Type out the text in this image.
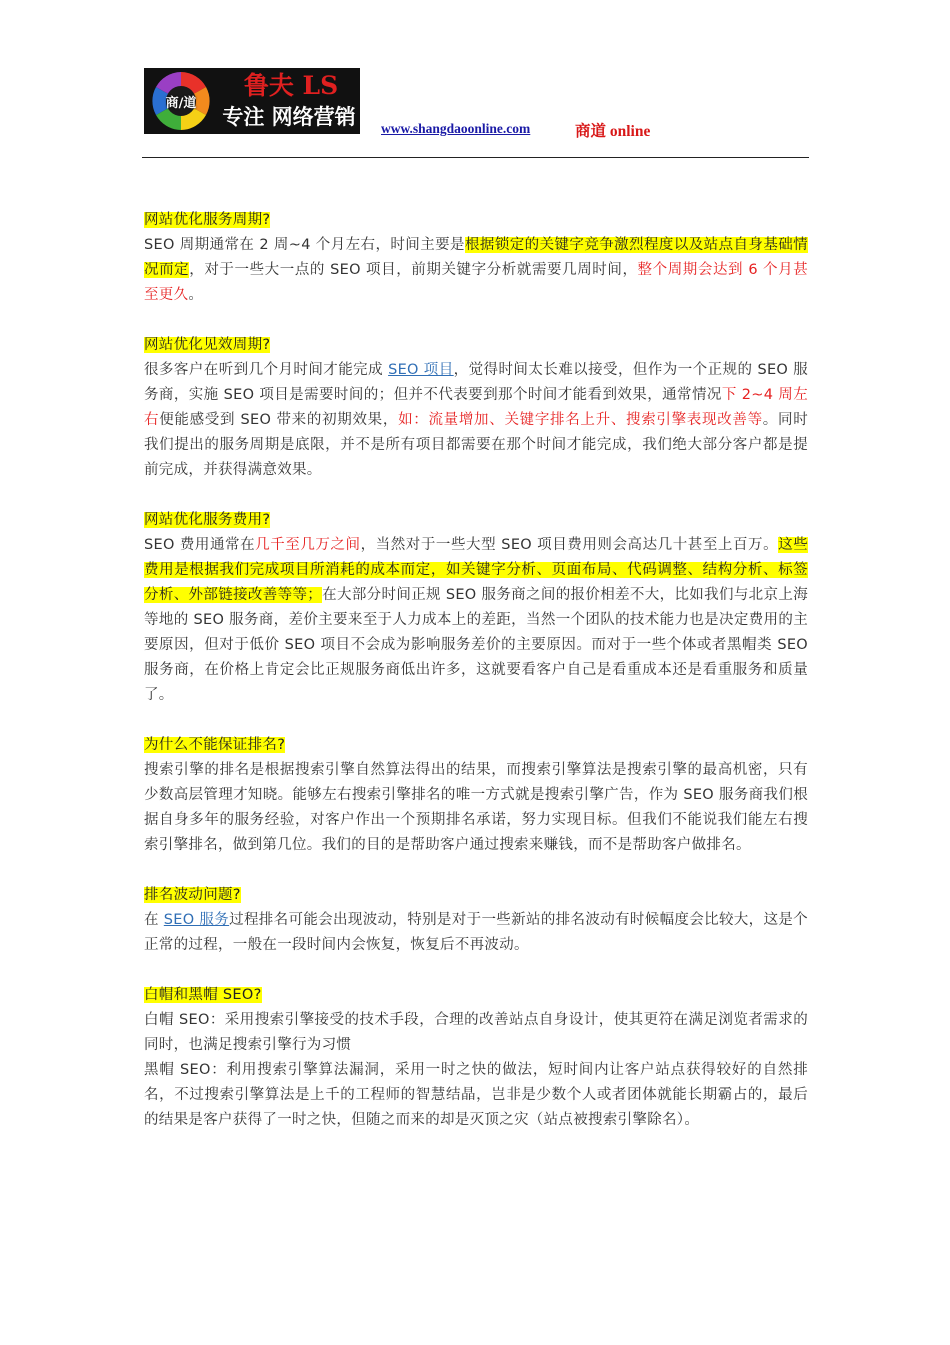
商/道
鲁夫 LS
专注 网络营销 www.shangdaoonline.com	商道 online
网站优化服务周期?

SEO 周期通常在 2 周~4 个月左右，时间主要是根据锁定的关键字竞争激烈程度以及站点自身基础情况而定，对于一些大一点的 SEO 项目，前期关键字分析就需要几周时间，整个周期会达到 6 个月甚至更久。

网站优化见效周期?

很多客户在听到几个月时间才能完成 SEO 项目，觉得时间太长难以接受，但作为一个正规的 SEO 服务商，实施 SEO 项目是需要时间的；但并不代表要到那个时间才能看到效果，通常情况下 2~4 周左右便能感受到 SEO 带来的初期效果，如：流量增加、关键字排名上升、搜索引擎表现改善等。同时 我们提出的服务周期是底限，并不是所有项目都需要在那个时间才能完成，我们绝大部分客户都是提前完成，并获得满意效果。

网站优化服务费用?

SEO 费用通常在几千至几万之间，当然对于一些大型 SEO 项目费用则会高达几十甚至上百万。这些费用是根据我们完成项目所消耗的成本而定，如关键字分析、页面布局、代码调整、结构分析、标签分析、外部链接改善等等；在大部分时间正规 SEO 服务商之间的报价相差不大，比如我们与北京上海等地的 SEO 服务商，差价主要来至于人力成本上的差距，当然一个团队的技术能力也是决定费用的主要原因，但对于低价 SEO 项目不会成为影响服务差价的主要原因。而对于一些个体或者黑帽类 SEO 服务商，在价格上肯定会比正规服务商低出许多，这就要看客户自己是看重成本还是看重服务和质量了。

为什么不能保证排名?

搜索引擎的排名是根据搜索引擎自然算法得出的结果，而搜索引擎算法是搜索引擎的最高机密，只有少数高层管理才知晓。能够左右搜索引擎排名的唯一方式就是搜索引擎广告，作为 SEO 服务商我们根据自身多年的服务经验，对客户作出一个预期排名承诺，努力实现目标。但我们不能说我们能左右搜索引擎排名，做到第几位。我们的目的是帮助客户通过搜索来赚钱，而不是帮助客户做排名。

排名波动问题?

在 SEO 服务过程排名可能会出现波动，特别是对于一些新站的排名波动有时候幅度会比较大，这是个正常的过程，一般在一段时间内会恢复，恢复后不再波动。

白帽和黑帽 SEO?

白帽 SEO：采用搜索引擎接受的技术手段，合理的改善站点自身设计，使其更符在满足浏览者需求的同时，也满足搜索引擎行为习惯

黑帽 SEO：利用搜索引擎算法漏洞，采用一时之快的做法，短时间内让客户站点获得较好的自然排名，不过搜索引擎算法是上千的工程师的智慧结晶，岂非是少数个人或者团体就能长期霸占的，最后的结果是客户获得了一时之快，但随之而来的却是灭顶之灾（站点被搜索引擎除名）。
